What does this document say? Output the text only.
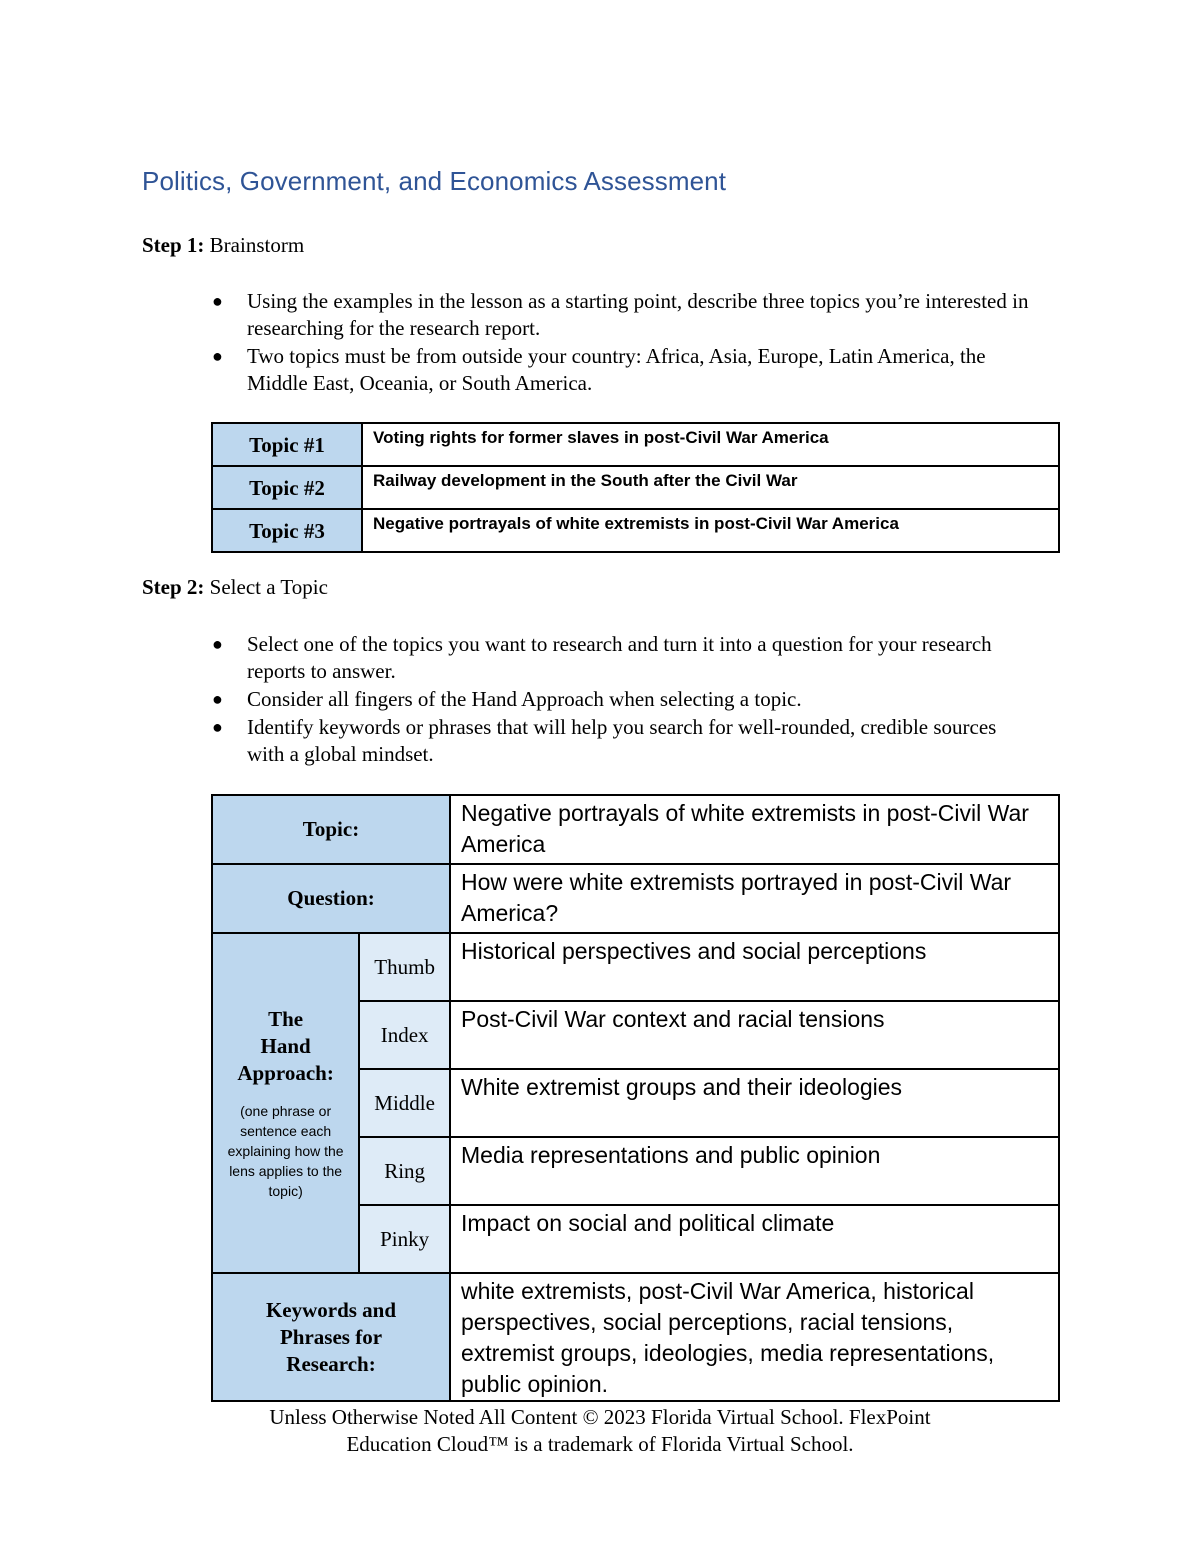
Politics, Government, and Economics Assessment
Step 1: Brainstorm
● Using the examples in the lesson as a starting point, describe three topics you’re interested in researching for the research report.
● Two topics must be from outside your country: Africa, Asia, Europe, Latin America, the Middle East, Oceania, or South America.
Topic #1	Voting rights for former slaves in post-Civil War America
Topic #2	Railway development in the South after the Civil War
Topic #3	Negative portrayals of white extremists in post-Civil War America
Step 2: Select a Topic
● Select one of the topics you want to research and turn it into a question for your research reports to answer.
● Consider all fingers of the Hand Approach when selecting a topic.
● Identify keywords or phrases that will help you search for well-rounded, credible sources with a global mindset.
Topic:		Negative portrayals of white extremists in post-Civil War America
Question:		How were white extremists portrayed in post-Civil War America?

The
Hand
Approach:
(one phrase or sentence each explaining how the lens applies to the topic)	Thumb	Historical perspectives and social perceptions
	Index	Post-Civil War context and racial tensions
	Middle	White extremist groups and their ideologies
	Ring	Media representations and public opinion
	Pinky	Impact on social and political climate

Keywords and
Phrases for
Research:		white extremists, post-Civil War America, historical perspectives, social perceptions, racial tensions, extremist groups, ideologies, media representations, public opinion.
Unless Otherwise Noted All Content © 2023 Florida Virtual School. FlexPoint
Education Cloud™ is a trademark of Florida Virtual School.
